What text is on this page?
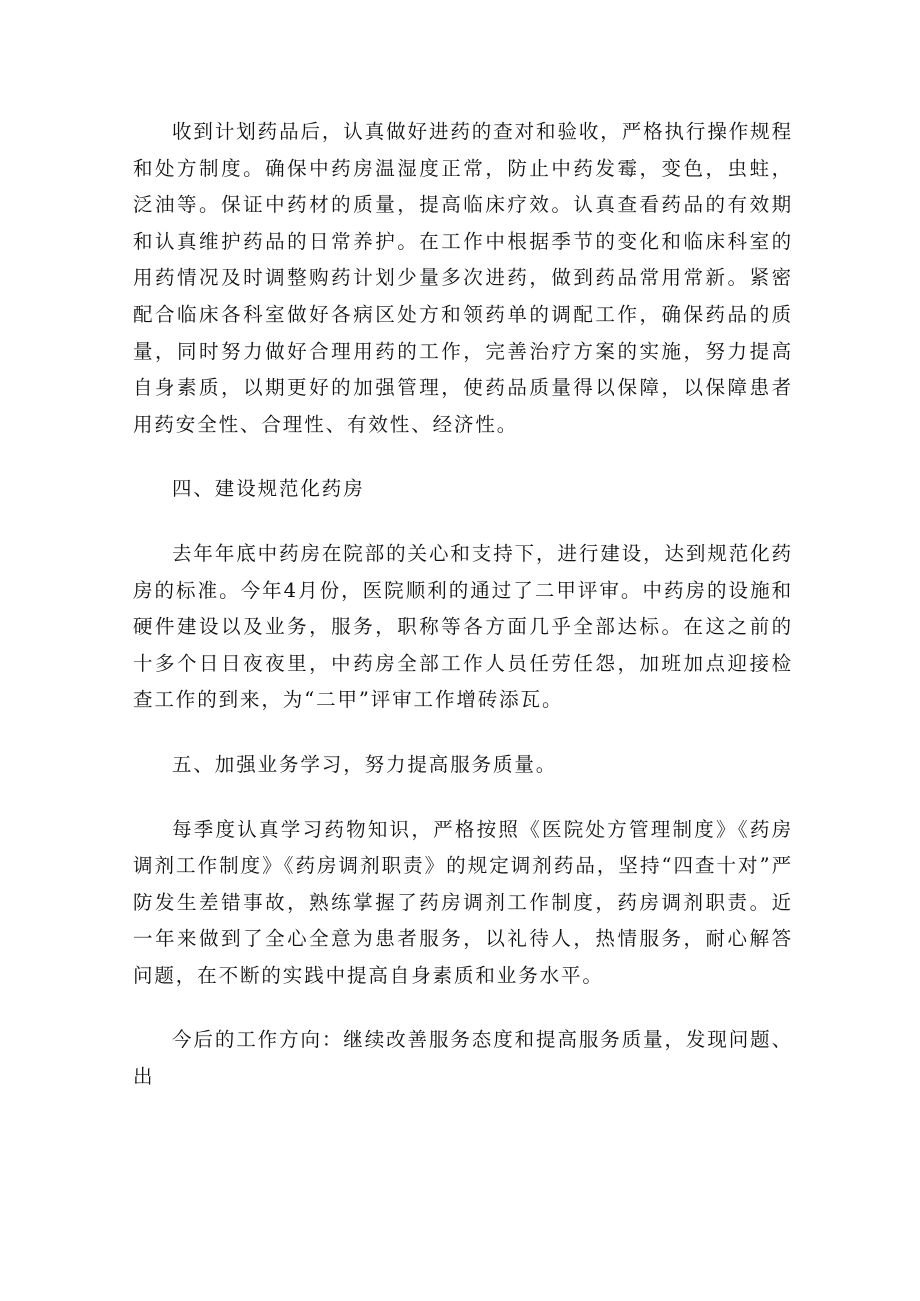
收到计划药品后，认真做好进药的查对和验收，严格执行操作规程和处方制度。确保中药房温湿度正常，防止中药发霉，变色，虫蛀，泛油等。保证中药材的质量，提高临床疗效。认真查看药品的有效期和认真维护药品的日常养护。在工作中根据季节的变化和临床科室的用药情况及时调整购药计划少量多次进药，做到药品常用常新。紧密配合临床各科室做好各病区处方和领药单的调配工作，确保药品的质量，同时努力做好合理用药的工作，完善治疗方案的实施，努力提高自身素质，以期更好的加强管理，使药品质量得以保障，以保障患者用药安全性、合理性、有效性、经济性。

四、建设规范化药房

去年年底中药房在院部的关心和支持下，进行建设，达到规范化药房的标准。今年4月份，医院顺利的通过了二甲评审。中药房的设施和硬件建设以及业务，服务，职称等各方面几乎全部达标。在这之前的十多个日日夜夜里，中药房全部工作人员任劳任怨，加班加点迎接检查工作的到来，为“二甲”评审工作增砖添瓦。

五、加强业务学习，努力提高服务质量。

每季度认真学习药物知识，严格按照《医院处方管理制度》《药房调剂工作制度》《药房调剂职责》的规定调剂药品，坚持“四查十对”严防发生差错事故，熟练掌握了药房调剂工作制度，药房调剂职责。近一年来做到了全心全意为患者服务，以礼待人，热情服务，耐心解答问题，在不断的实践中提高自身素质和业务水平。

今后的工作方向：继续改善服务态度和提高服务质量，发现问题、出
